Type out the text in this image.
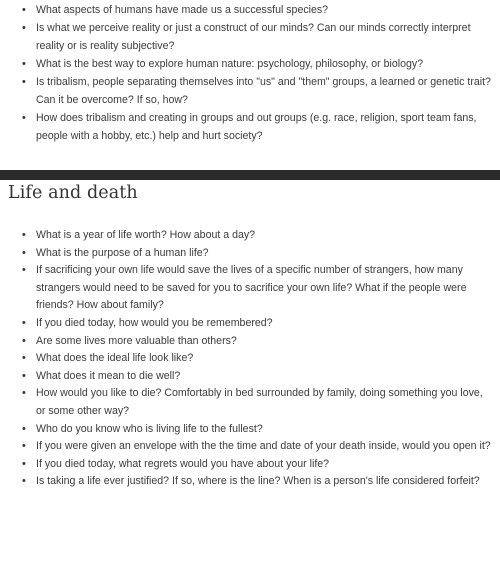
• What aspects of humans have made us a successful species?
• Is what we perceive reality or just a construct of our minds? Can our minds correctly interpret reality or is reality subjective?
• What is the best way to explore human nature: psychology, philosophy, or biology?
• Is tribalism, people separating themselves into "us" and "them" groups, a learned or genetic trait? Can it be overcome? If so, how?
• How does tribalism and creating in groups and out groups (e.g. race, religion, sport team fans, people with a hobby, etc.) help and hurt society?
Life and death
• What is a year of life worth? How about a day?
• What is the purpose of a human life?
• If sacrificing your own life would save the lives of a specific number of strangers, how many strangers would need to be saved for you to sacrifice your own life? What if the people were friends? How about family?
• If you died today, how would you be remembered?
• Are some lives more valuable than others?
• What does the ideal life look like?
• What does it mean to die well?
• How would you like to die? Comfortably in bed surrounded by family, doing something you love, or some other way?
• Who do you know who is living life to the fullest?
• If you were given an envelope with the the time and date of your death inside, would you open it?
• If you died today, what regrets would you have about your life?
• Is taking a life ever justified? If so, where is the line? When is a person's life considered forfeit?
